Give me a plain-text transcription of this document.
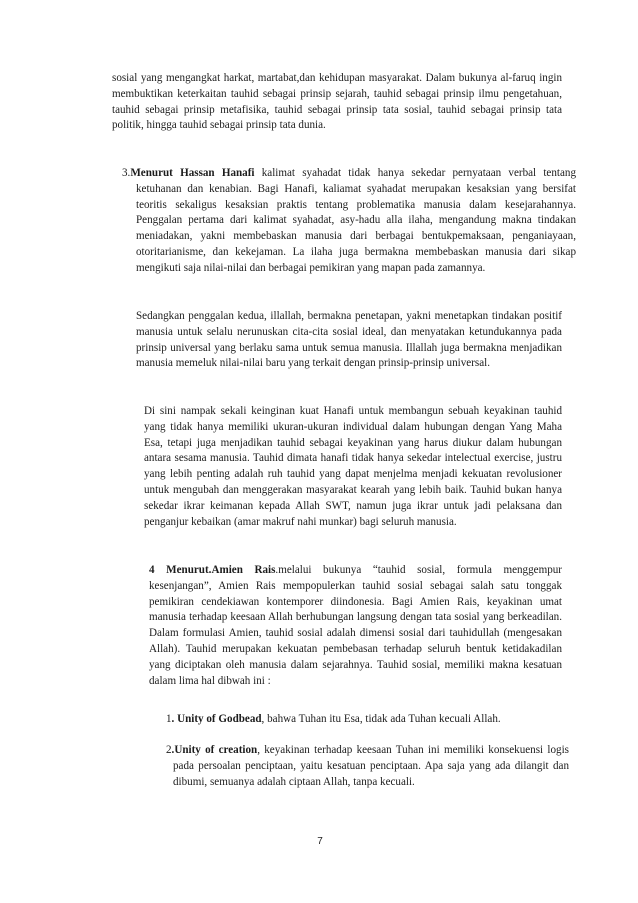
sosial yang mengangkat harkat, martabat,dan kehidupan masyarakat. Dalam bukunya al-faruq ingin membuktikan keterkaitan tauhid sebagai prinsip sejarah, tauhid sebagai prinsip ilmu pengetahuan, tauhid sebagai prinsip metafisika, tauhid sebagai prinsip tata sosial, tauhid sebagai prinsip tata politik, hingga tauhid sebagai prinsip tata dunia.
3.Menurut Hassan Hanafi kalimat syahadat tidak hanya sekedar pernyataan verbal tentang ketuhanan dan kenabian. Bagi Hanafi, kaliamat syahadat merupakan kesaksian yang bersifat teoritis sekaligus kesaksian praktis tentang problematika manusia dalam kesejarahannya. Penggalan pertama dari kalimat syahadat, asy-hadu alla ilaha, mengandung makna tindakan meniadakan, yakni membebaskan manusia dari berbagai bentukpemaksaan, penganiayaan, otoritarianisme, dan kekejaman. La ilaha juga bermakna membebaskan manusia dari sikap mengikuti saja nilai-nilai dan berbagai pemikiran yang mapan pada zamannya.
Sedangkan penggalan kedua, illallah, bermakna penetapan, yakni menetapkan tindakan positif manusia untuk selalu nerunuskan cita-cita sosial ideal, dan menyatakan ketundukannya pada prinsip universal yang berlaku sama untuk semua manusia. Illallah juga bermakna menjadikan manusia memeluk nilai-nilai baru yang terkait dengan prinsip-prinsip universal.
Di sini nampak sekali keinginan kuat Hanafi untuk membangun sebuah keyakinan tauhid yang tidak hanya memiliki ukuran-ukuran individual dalam hubungan dengan Yang Maha Esa, tetapi juga menjadikan tauhid sebagai keyakinan yang harus diukur dalam hubungan antara sesama manusia. Tauhid dimata hanafi tidak hanya sekedar intelectual exercise, justru yang lebih penting adalah ruh tauhid yang dapat menjelma menjadi kekuatan revolusioner untuk mengubah dan menggerakan masyarakat kearah yang lebih baik. Tauhid bukan hanya sekedar ikrar keimanan kepada Allah SWT, namun juga ikrar untuk jadi pelaksana dan penganjur kebaikan (amar makruf nahi munkar) bagi seluruh manusia.
4 Menurut.Amien Rais.melalui bukunya “tauhid sosial, formula menggempur kesenjangan”, Amien Rais mempopulerkan tauhid sosial sebagai salah satu tonggak pemikiran cendekiawan kontemporer diindonesia. Bagi Amien Rais, keyakinan umat manusia terhadap keesaan Allah berhubungan langsung dengan tata sosial yang berkeadilan. Dalam formulasi Amien, tauhid sosial adalah dimensi sosial dari tauhidullah (mengesakan Allah). Tauhid merupakan kekuatan pembebasan terhadap seluruh bentuk ketidakadilan yang diciptakan oleh manusia dalam sejarahnya. Tauhid sosial, memiliki makna kesatuan dalam lima hal dibwah ini :
1. Unity of Godbead, bahwa Tuhan itu Esa, tidak ada Tuhan kecuali Allah.
2.Unity of creation, keyakinan terhadap keesaan Tuhan ini memiliki konsekuensi logis pada persoalan penciptaan, yaitu kesatuan penciptaan. Apa saja yang ada dilangit dan dibumi, semuanya adalah ciptaan Allah, tanpa kecuali.
7
